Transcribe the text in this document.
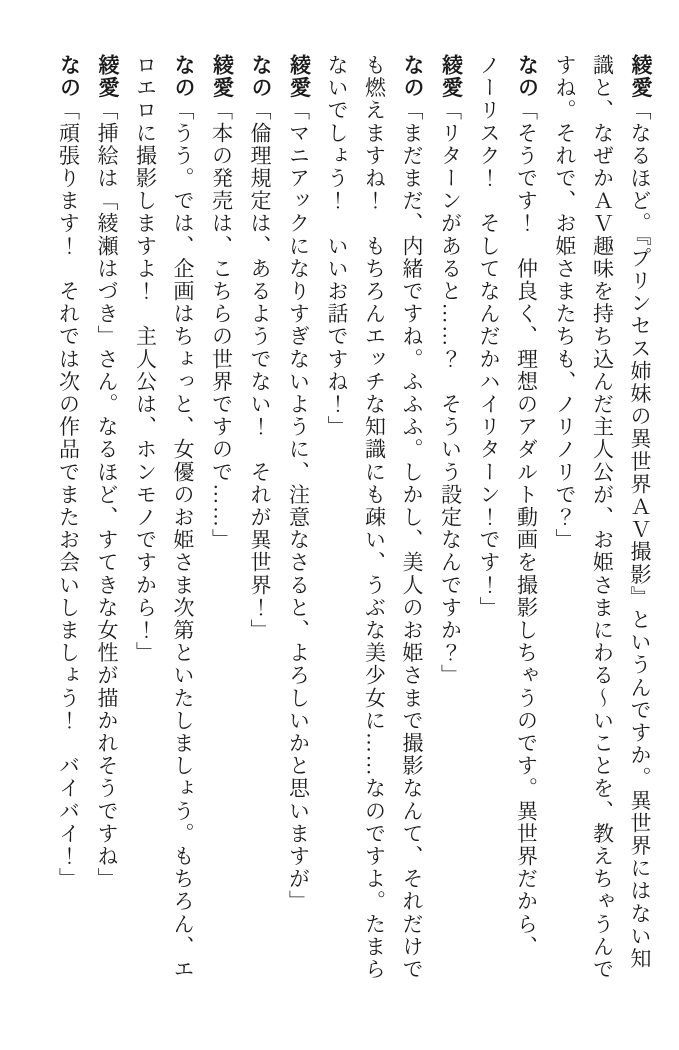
綾愛「なるほど。『プリンセス姉妹の異世界ＡＶ撮影』というんですか。異世界にはない知識と、なぜかＡＶ趣味を持ち込んだ主人公が、お姫さまにわる〜いことを、教えちゃうんですね。それで、お姫さまたちも、ノリノリで？」

なの「そうです！　仲良く、理想のアダルト動画を撮影しちゃうのです。異世界だから、ノーリスク！　そしてなんだかハイリターン！です！」

綾愛「リターンがあると……？　そういう設定なんですか？」

なの「まだまだ、内緒ですね。ふふふ。しかし、美人のお姫さまで撮影なんて、それだけでも燃えますね！　もちろんエッチな知識にも疎い、うぶな美少女に……なのですよ。たまらないでしょう！　いいお話ですね！」

綾愛「マニアックになりすぎないように、注意なさると、よろしいかと思いますが」

なの「倫理規定は、あるようでない！　それが異世界！」

綾愛「本の発売は、こちらの世界ですので……」

なの「うう。では、企画はちょっと、女優のお姫さま次第といたしましょう。もちろん、エロエロに撮影しますよ！　主人公は、ホンモノですから！」

綾愛「挿絵は「綾瀬はづき」さん。なるほど、すてきな女性が描かれそうですね」

なの「頑張ります！　それでは次の作品でまたお会いしましょう！　バイバイ！」
